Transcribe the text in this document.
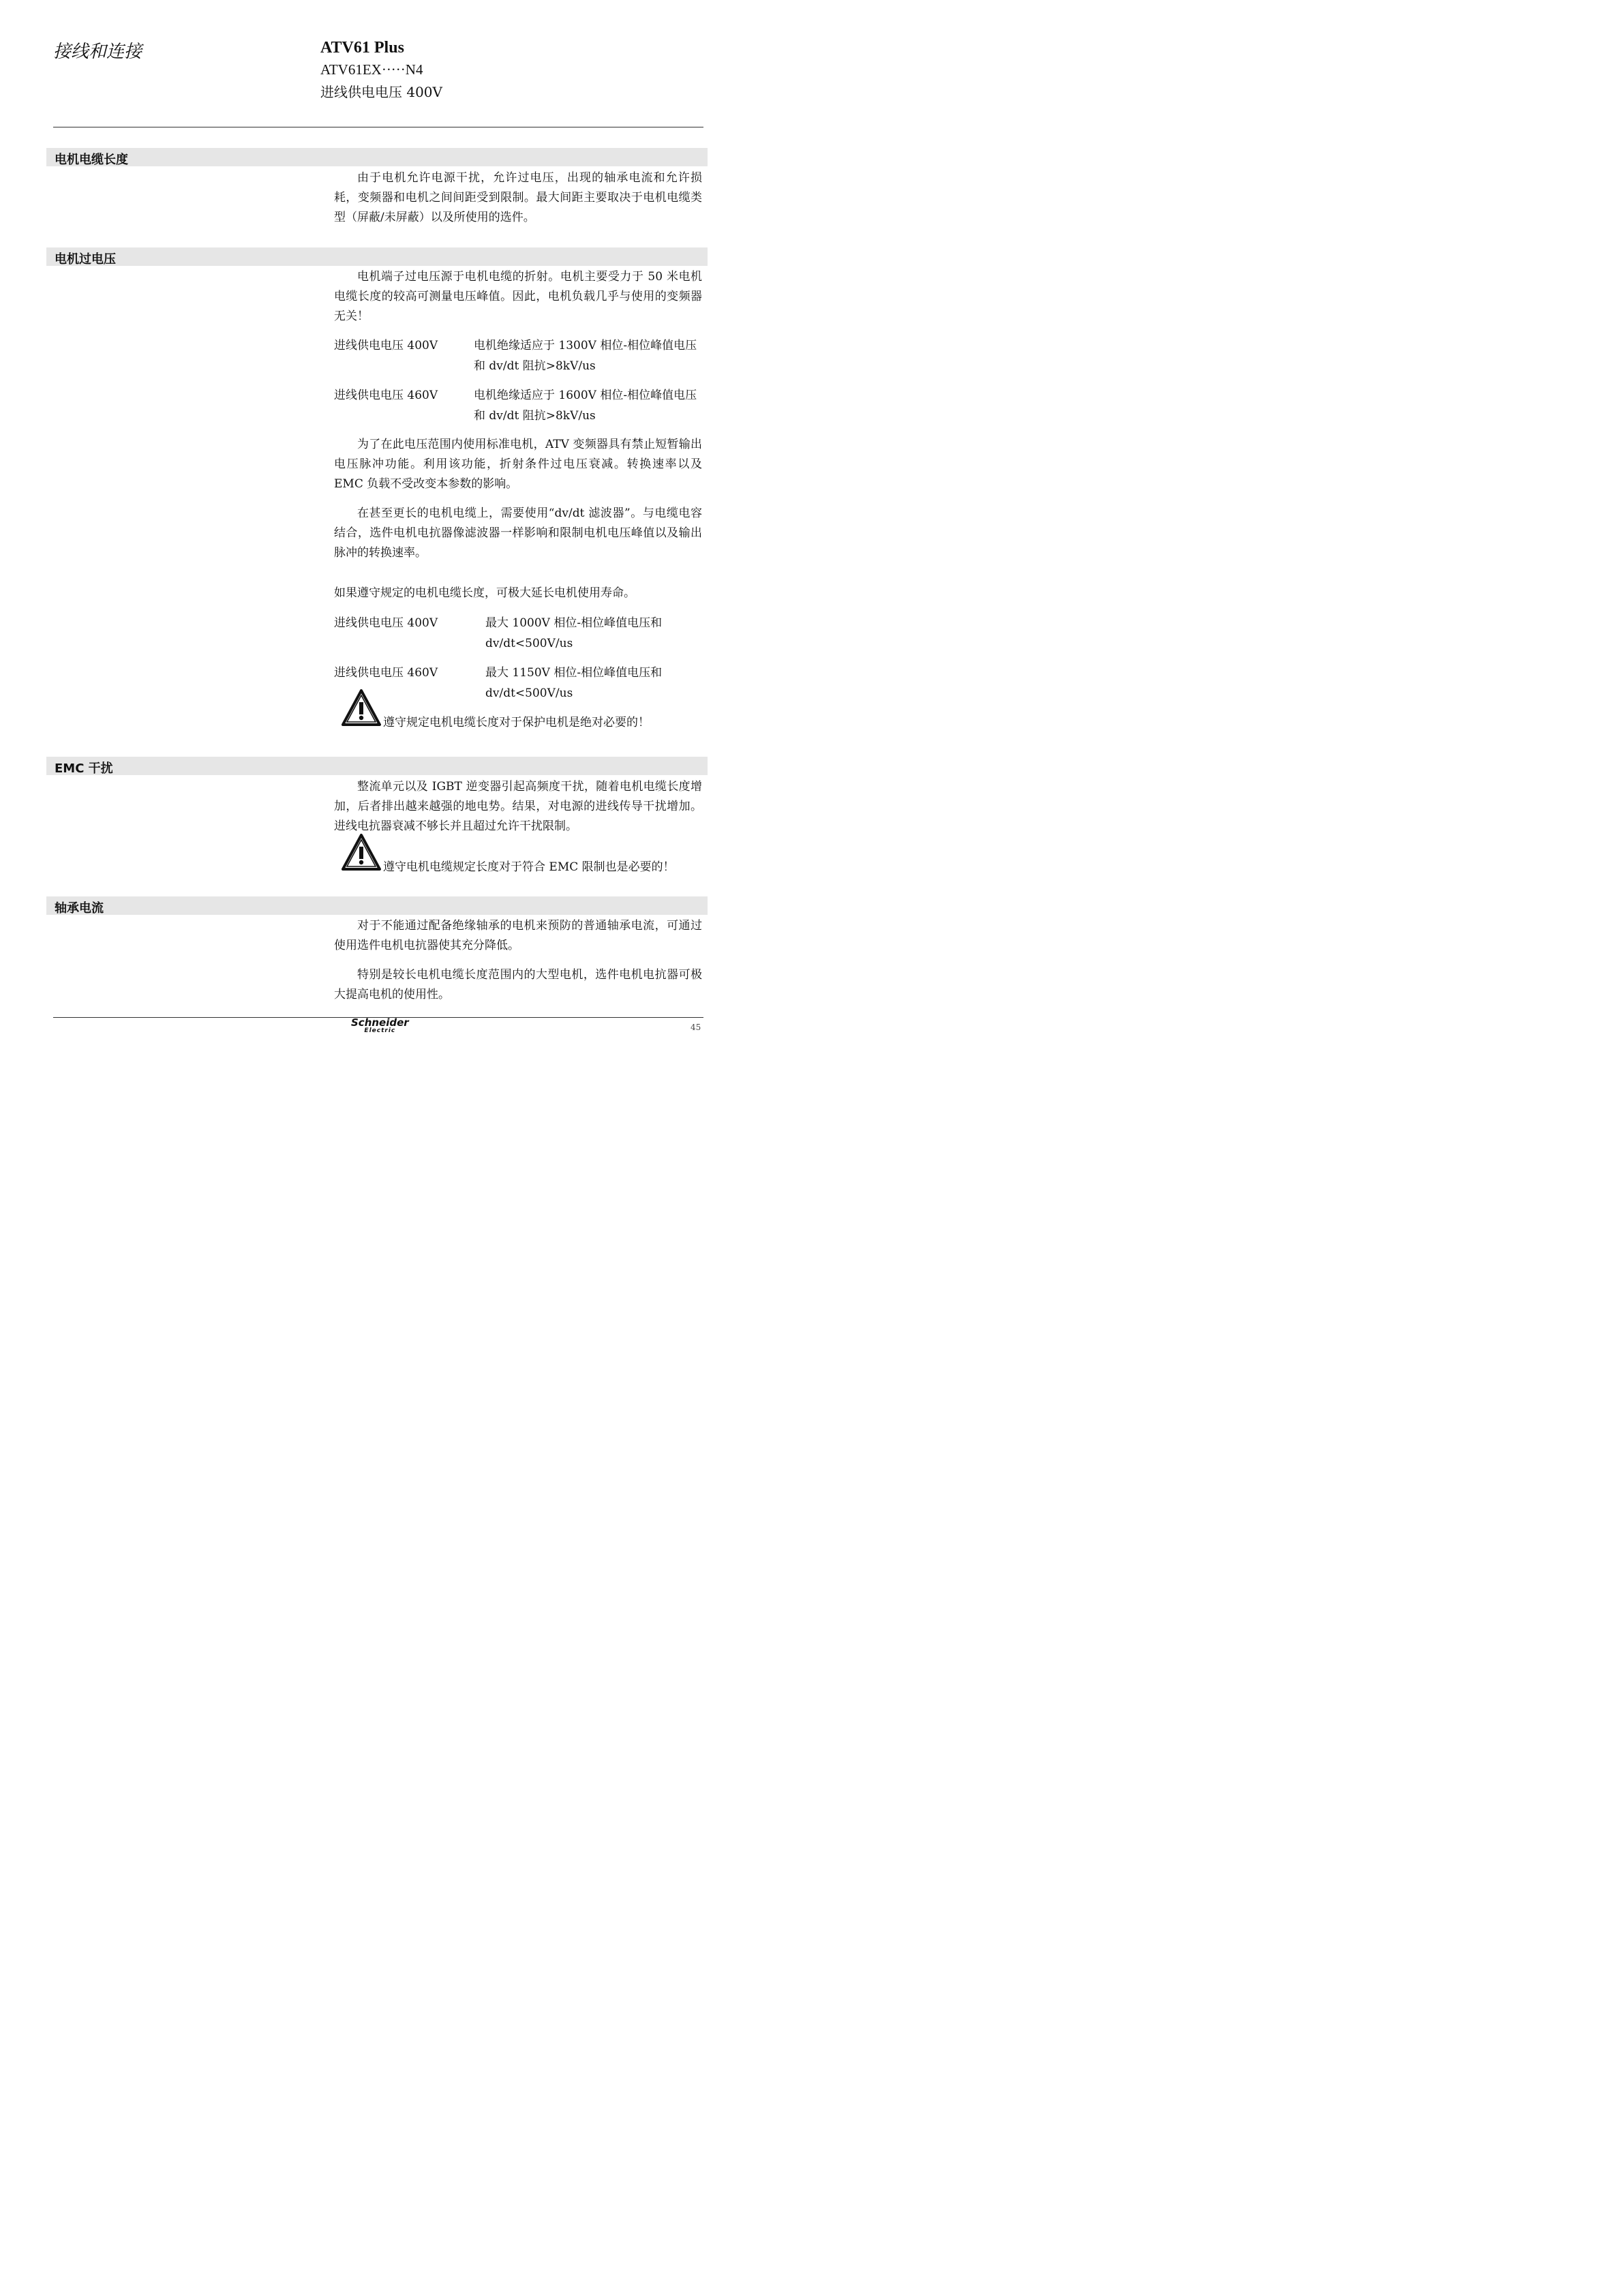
接线和连接	ATV61 Plus
ATV61EX·····N4
进线供电电压 400V
电机电缆长度
由于电机允许电源干扰，允许过电压，出现的轴承电流和允许损耗，变频器和电机之间间距受到限制。最大间距主要取决于电机电缆类型（屏蔽/未屏蔽）以及所使用的选件。
电机过电压
电机端子过电压源于电机电缆的折射。电机主要受力于 50 米电机电缆长度的较高可测量电压峰值。因此，电机负载几乎与使用的变频器无关！
进线供电电压 400V	电机绝缘适应于 1300V 相位-相位峰值电压和 dv/dt 阻抗>8kV/us
进线供电电压 460V	电机绝缘适应于 1600V 相位-相位峰值电压和 dv/dt 阻抗>8kV/us
为了在此电压范围内使用标准电机，ATV 变频器具有禁止短暂输出电压脉冲功能。利用该功能，折射条件过电压衰减。转换速率以及 EMC 负载不受改变本参数的影响。
在甚至更长的电机电缆上，需要使用“dv/dt 滤波器”。与电缆电容结合，选件电机电抗器像滤波器一样影响和限制电机电压峰值以及输出脉冲的转换速率。
如果遵守规定的电机电缆长度，可极大延长电机使用寿命。
进线供电电压 400V	最大 1000V 相位-相位峰值电压和 dv/dt<500V/us
进线供电电压 460V	最大 1150V 相位-相位峰值电压和 dv/dt<500V/us
遵守规定电机电缆长度对于保护电机是绝对必要的！
EMC 干扰
整流单元以及 IGBT 逆变器引起高频度干扰，随着电机电缆长度增加，后者排出越来越强的地电势。结果，对电源的进线传导干扰增加。进线电抗器衰减不够长并且超过允许干扰限制。
遵守电机电缆规定长度对于符合 EMC 限制也是必要的！
轴承电流
对于不能通过配备绝缘轴承的电机来预防的普通轴承电流，可通过使用选件电机电抗器使其充分降低。
特别是较长电机电缆长度范围内的大型电机，选件电机电抗器可极大提高电机的使用性。
Schneider
Electric	45
